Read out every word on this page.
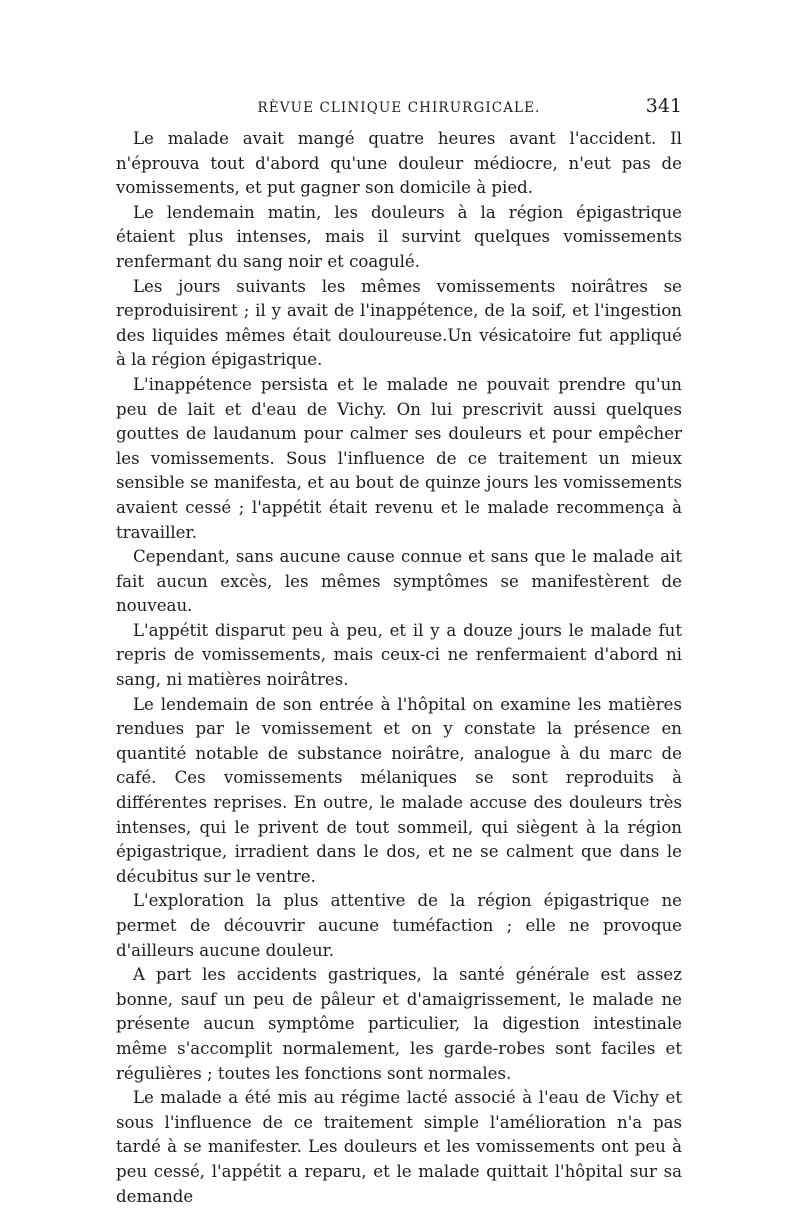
RÈVUE CLINIQUE CHIRURGICALE.	341

Le malade avait mangé quatre heures avant l'accident. Il n'éprouva tout d'abord qu'une douleur médiocre, n'eut pas de vomissements, et put gagner son domicile à pied.

Le lendemain matin, les douleurs à la région épigastrique étaient plus intenses, mais il survint quelques vomissements renfermant du sang noir et coagulé.

Les jours suivants les mêmes vomissements noirâtres se reproduisirent ; il y avait de l'inappétence, de la soif, et l'ingestion des liquides mêmes était douloureuse.Un vésicatoire fut appliqué à la région épigastrique.

L'inappétence persista et le malade ne pouvait prendre qu'un peu de lait et d'eau de Vichy. On lui prescrivit aussi quelques gouttes de laudanum pour calmer ses douleurs et pour empêcher les vomissements. Sous l'influence de ce traitement un mieux sensible se manifesta, et au bout de quinze jours les vomissements avaient cessé ; l'appétit était revenu et le malade recommença à travailler.

Cependant, sans aucune cause connue et sans que le malade ait fait aucun excès, les mêmes symptômes se manifestèrent de nouveau.

L'appétit disparut peu à peu, et il y a douze jours le malade fut repris de vomissements, mais ceux-ci ne renfermaient d'abord ni sang, ni matières noirâtres.

Le lendemain de son entrée à l'hôpital on examine les matières rendues par le vomissement et on y constate la présence en quantité notable de substance noirâtre, analogue à du marc de café. Ces vomissements mélaniques se sont reproduits à différentes reprises. En outre, le malade accuse des douleurs très intenses, qui le privent de tout sommeil, qui siègent à la région épigastrique, irradient dans le dos, et ne se calment que dans le décubitus sur le ventre.

L'exploration la plus attentive de la région épigastrique ne permet de découvrir aucune tuméfaction ; elle ne provoque d'ailleurs aucune douleur.

A part les accidents gastriques, la santé générale est assez bonne, sauf un peu de pâleur et d'amaigrissement, le malade ne présente aucun symptôme particulier, la digestion intestinale même s'accomplit normalement, les garde-robes sont faciles et régulières ; toutes les fonctions sont normales.

Le malade a été mis au régime lacté associé à l'eau de Vichy et sous l'influence de ce traitement simple l'amélioration n'a pas tardé à se manifester. Les douleurs et les vomissements ont peu à peu cessé, l'appétit a reparu, et le malade quittait l'hôpital sur sa demande
